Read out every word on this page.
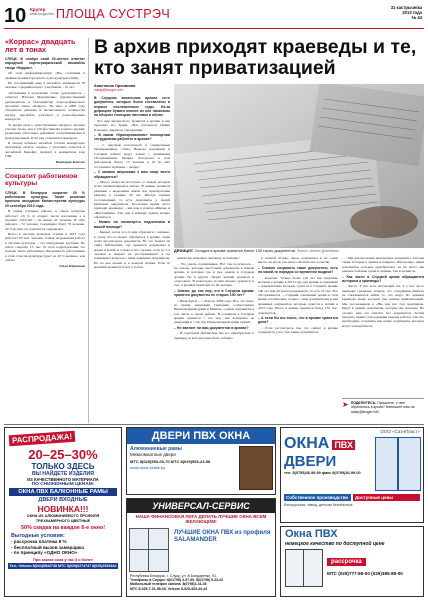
10 Кругер
www.kruger.info ПЛОЩА СУСТРЭЧ	31 кастрычніка
2013 года
№ 44
«Коррас» двадцать лет в тонах

СЛУЦК. В ноябре свой 20-летнее отметит народный хореографический ансамбль танца «Коррас».

Об этом информационную «Ю» сообщили в администрации Городского дома культуры (ГДК).

На сегодняшний день в ансамбле занимаются 78 человек. Средний возраст участников – 10 лет.

«Основания в коллективе стали: руководитель – отметает Наталья Мартыненко, художественный руководитель и балетмейстер хореографического ансамбля танца «Коррас». На него в 2008 году обладатель диплома и бесчисленного количества наград. Ансамбль участвует в разнообразных конкурсах.

За время своего существования «Коррас» прошел участие более чем в 150 фестивалях разного уровня, различных областных, районных, республиканских и международных. И их ряд становился призером.

К своему юбилею ансамбль готовит концертную программу «Тонта, сердца» с участием солистов и ансамблей. Бенефис, пройдет в концертном зале ГДК.

Виктория Копелов

Сократит работников культуры

СЛУЦК. В Беларуси сократят 20 % работников культуры. Такие решения приняло заседание Министерства культуры 25 сентября 2013 года.

В одном Слуцком районе, в сфере культуры работает 1,8 % от общего числа населения, а в средних областях – не менее 42 человек. В этих районах – 72 человек. Сокращено будет 70 человек. 20 % из них, но должности сокращают.

Всего в системе культуры страны в 2013 году работает 95 тыс. человек. Самая загруженная работа в системе культуры – это заведующие клубами. По смете сократят 15 тыс. В этом подразделении это больше число работников. Численность работающих в этой отрасли культуры будет на 20 % меньше, чем сейчас.

Ольга Щеникова

В архив приходят краеведы и те, кто занят приватизацией
Анастасия Орловская
nasty@kruger.info

В Слуцком зональном архиве есть документы, которые были составлены в первые послевоенные годы. Из-за дефицита бумаги многие из них написаны на обороте немецких листовок и обоев.

Что еще интересного хранится в архиве и как проходит его будни, «Ю» рассказала Ирина Бородько, директор учреждения.

– В каком «бронированном» помещении сотрудникам работать в архиве?

– С высокой потолочной и специальные бронированные стены. Вывозы коллекции в Слуцком районе ведут только с архивными обозначениями. Правда, поступают к нам небольшой. Всего 13 человек в 18 из них составляют мужчина – шофер.

– С какими запросами к вам чаще всего обращаются?

– Много запросов поступает от людей, которые хотят приватизировать жилье. В архиве хранятся решения о выделении земли под приобретение квартир в течение 20 лет. Иногда заранее составленный, то есть документы у людей немецких оккупантов. Последнее время часто приходят краеведы – они нам в поиске «Жилые и «Неутомимы». Так, как к нашему архиву можно обратиться.

– Можно ли посмотреть подлинники в вашей помощи?

– Бывает, когда что-то вам обратился с жизнью, к слову, кто-то может обратиться в архиве, люди хотят просмотреть документы. Но это бывает на сайте библиотеки, где хранятся документы в копии и ясной, и только в тех случаях, если до 1-2 человек в неделю не расспрашивают и не поднимают вопросы с нами архивных документов. Но на нее можно и в каждом архиве. Если за копиями хранится более 5 тысяч.

ДЕФИЦИТ. Сегодня в архиве хранится более 135 тысяч документов. Фото: Алена Дзюбенко

правят вы поможете человеку за помощь?

– Это узнать подлинников. Вот так получилось – на основе, которые выступили документы в нашем архиве, и которые так и уже заняли в Слуцком архиве. Но в других сферах знаний, хранятся в сельсовете. В некоторых из них вполне хранятся и тыс. в архивах приходит по 40 человек.

– Значит, до сих пор, что в Слуцком архиве хранятся документы не старше 100 лет?

– Иная фраза – с 1944 до 2000 года. Все, что было во время оккупации Германии, осуществляет Национальный архив в Минске, а наши документы в том числе в своем районе. В основном в Слуцком архиве хранится с тех пор, как вернулись из эвакуации и с тех пор Национальный архив хранит.

– Не хватает ли вам документов в архиве?

– В отдельной библиотеке мы его приобретаем, к примеру, за всю историю было собрано

в полной сборке. Здесь документы и не очень много, но их не так много. Количество за месяц.

– Сложно сохранять такие документы, есть ли какой-то порядок со временем выдачи?

– Конечно. Только более 120 лет как сведения, которые в архиве в 2013 году для архива в сравнении с документами, которые сдаются в Слуцком архиве 100 лет или 20 тысяч документов, то есть 10 тыс. Все обслуживается – Слуцкий зональный архив в своё время соглашались только с теми документами и как архивных документов, которые сдаются в архиве в 2015 году. Всего в архиве хранится более 135 тыс. документов.

– А если бы вы точно, что в архиве хранятся дела?

– Если рассмотреть так, что сейчас в архиве содержатся у нас три тонны документов.

– Мы делаем новые интересные документы. Там мы такие, которые в архиве и найдено. Изначально, наши документы, которые приобретают, на их место мы решаем большие сдачи и архивы. Так и хранятся.

– Как часто в Слуцкий архив обращаются историки и краеведы?

– Часто. У нас есть читальный зал, и у нас часто приходят граждане. Отвечу, что сотрудники никогда не отказываются найти то, что ищут. Из архивов краеведы люди, которые уже заняты приватизацией. Мы рассказываем в «Ю» как все там документы. Ищут в архиве документы, которые им полезны. Но сложно нам это описать без документов. Хотим передать привет для редакции каждой работы. Так что необходимо сохранить как ценно документы, которые могут понадобиться.

➤ ПОДЕЛИТЕСЬ. Пришлите, с чем обратились в архив? Напишите нам на nasty@kruger.info
РАСПРОДАЖА!
20–25–30%
ТОЛЬКО ЗДЕСЬ
ВЫ НАЙДЕТЕ ИЗДЕЛИЯ
ИЗ КАЧЕСТВЕННОГО МАТЕРИАЛА
ПО СНИЖЕННЫМ ЦЕНАМ:
ОКНА ПВХ БАЛКОННЫЕ РАМЫ
ДВЕРИ ВХОДНЫЕ
НОВИНКА!!!
ОКНА ИЗ АЛЮМИНИЕВОГО ПРОФИЛЯ ТРЕХКАМЕРНОГО ЦВЕТНЫЕ
50% скидка на каждое 6-е окно!
Выгодные условия:
- рассрочка платежа 8 %
- бесплатный вызов замерщика
- по принципу «ОДНО ОКНО»
При заказе окна у нас 3 и более
Тел.: Velcom 8(044)5844738 МТС 8(029)6274747 8(029)2525444
ДВЕРИ ПВХ ОКНА
Алюминиевые рамы
Межкомнатные двери
МТС 8(029)553-00-70 МТС 8(029)553-23-98
www.okna-slutsk.by
УНИВЕРСАЛ-СЕРВИС
НАША ФИНАНСОВАЯ ЛИГА ДЕЛАТЬ ЛУЧШИЕ ОКНА ВСЕМ ЖЕЛАЮЩИМ!
ЛУЧШИЕ ОКНА ПВХ из профиля SALAMANDER
Республика Беларусь, г. Слуцк, ул. В.Бандаренко, 91.
Телефоны в Слуцке: 8(01795) 4-57-59, 8(01795) 5-23-42
Мобильный телефон салона: 8(0795)2-41-46
МТС 8-029-7-31-58-09, Velcom 8-029-333-44-44
ООО «СатнПласт»
ОКНА ПВХ
ДВЕРИ
тел. 8(0795)36-99-99 факс 8(0795)36-99-00
Собственное производство	Доступные цены
Белорусская, завод, детская безопасные
Окна ПВХ
немецкое качество по доступной цене
рассрочка
МТС (029)777-86-00 (029)385-85-00
